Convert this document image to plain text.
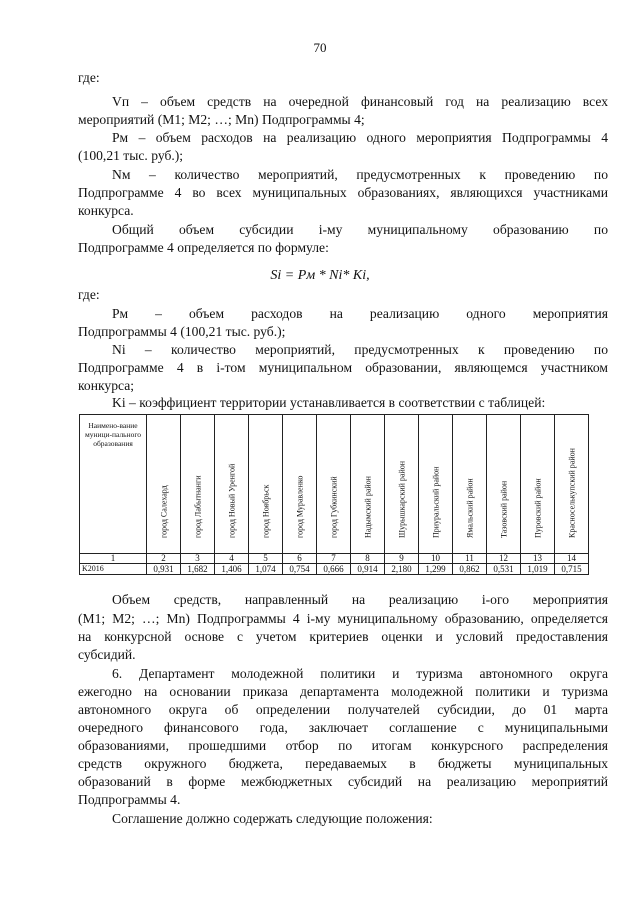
70
где:
Vп – объем средств на очередной финансовый год на реализацию всех
мероприятий (M1; M2; …; Mn) Подпрограммы 4;
Pм – объем расходов на реализацию одного мероприятия Подпрограммы 4
(100,21 тыс. руб.);
Nм – количество мероприятий, предусмотренных к проведению по
Подпрограмме 4 во всех муниципальных образованиях, являющихся участниками
конкурса.
Общий объем субсидии i-му муниципальному образованию по
Подпрограмме 4 определяется по формуле:
Si = Pм * Ni* Ki,
где:
Pм – объем расходов на реализацию одного мероприятия
Подпрограммы 4 (100,21 тыс. руб.);
Ni – количество мероприятий, предусмотренных к проведению по
Подпрограмме 4 в i-том муниципальном образовании, являющемся участником
конкурса;
Ki – коэффициент территории устанавливается в соответствии с таблицей:
Наимено-вание муници-пального образования	город Салехард	город Лабытнанги	город Новый Уренгой	город Ноябрьск	город Муравленко	город Губкинский	Надымский район	Шурышкарский район	Приуральский район	Ямальский район	Тазовский район	Пуровский район	Красноселькупский район

1	2	3	4	5	6	7	8	9	10	11	12	13	14
K2016	0,931	1,682	1,406	1,074	0,754	0,666	0,914	2,180	1,299	0,862	0,531	1,019	0,715
Объем средств, направленный на реализацию i-ого мероприятия
(M1; M2; …; Mn) Подпрограммы 4 i-му муниципальному образованию, определяется
на конкурсной основе с учетом критериев оценки и условий предоставления
субсидий.
6. Департамент молодежной политики и туризма автономного округа
ежегодно на основании приказа департамента молодежной политики и туризма
автономного округа об определении получателей субсидии, до 01 марта
очередного финансового года, заключает соглашение с муниципальными
образованиями, прошедшими отбор по итогам конкурсного распределения
средств окружного бюджета, передаваемых в бюджеты муниципальных
образований в форме межбюджетных субсидий на реализацию мероприятий
Подпрограммы 4.
Соглашение должно содержать следующие положения:
